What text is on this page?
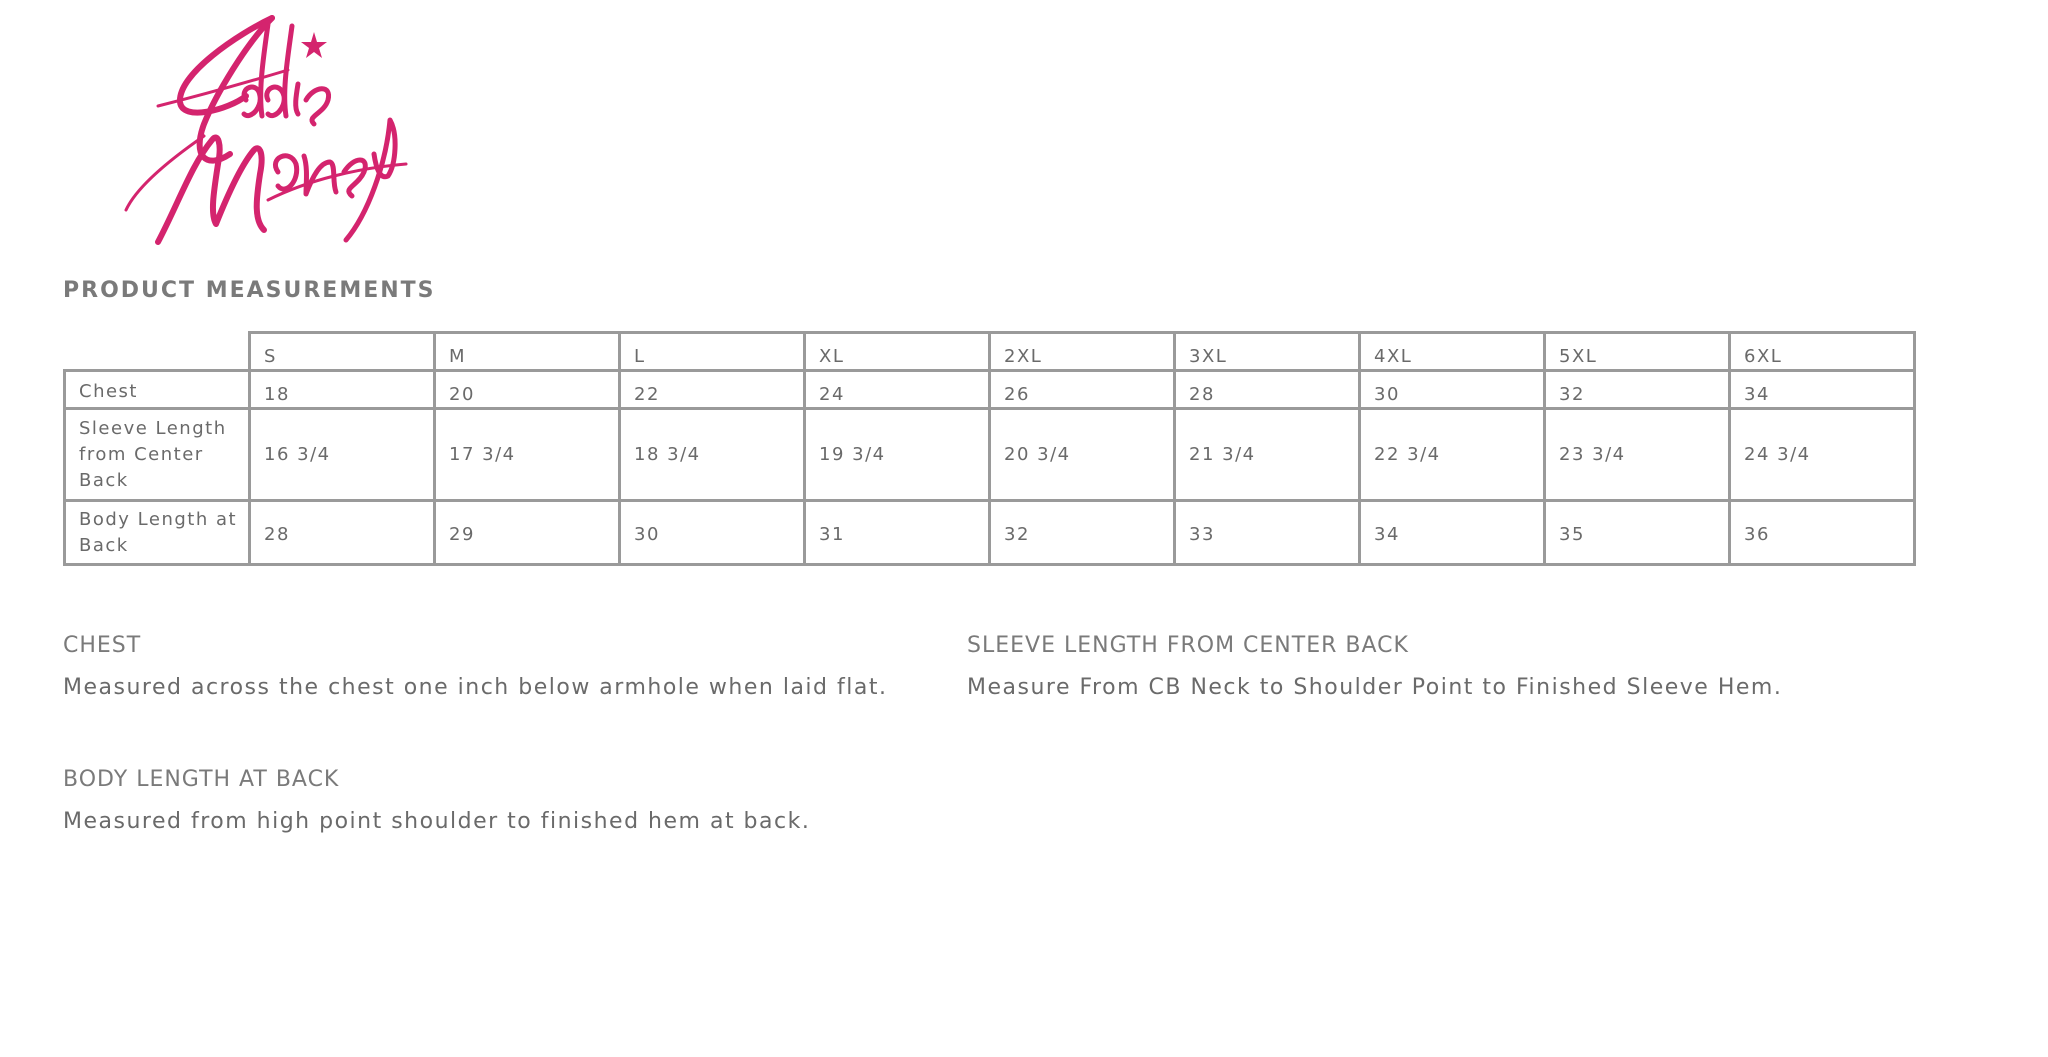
PRODUCT MEASUREMENTS
	S	M	L	XL	2XL	3XL	4XL	5XL	6XL
Chest	18	20	22	24	26	28	30	32	34
Sleeve Length from Center Back	16 3/4	17 3/4	18 3/4	19 3/4	20 3/4	21 3/4	22 3/4	23 3/4	24 3/4
Body Length at Back	28	29	30	31	32	33	34	35	36

CHEST

Measured across the chest one inch below armhole when laid flat.

SLEEVE LENGTH FROM CENTER BACK

Measure From CB Neck to Shoulder Point to Finished Sleeve Hem.

BODY LENGTH AT BACK

Measured from high point shoulder to finished hem at back.
